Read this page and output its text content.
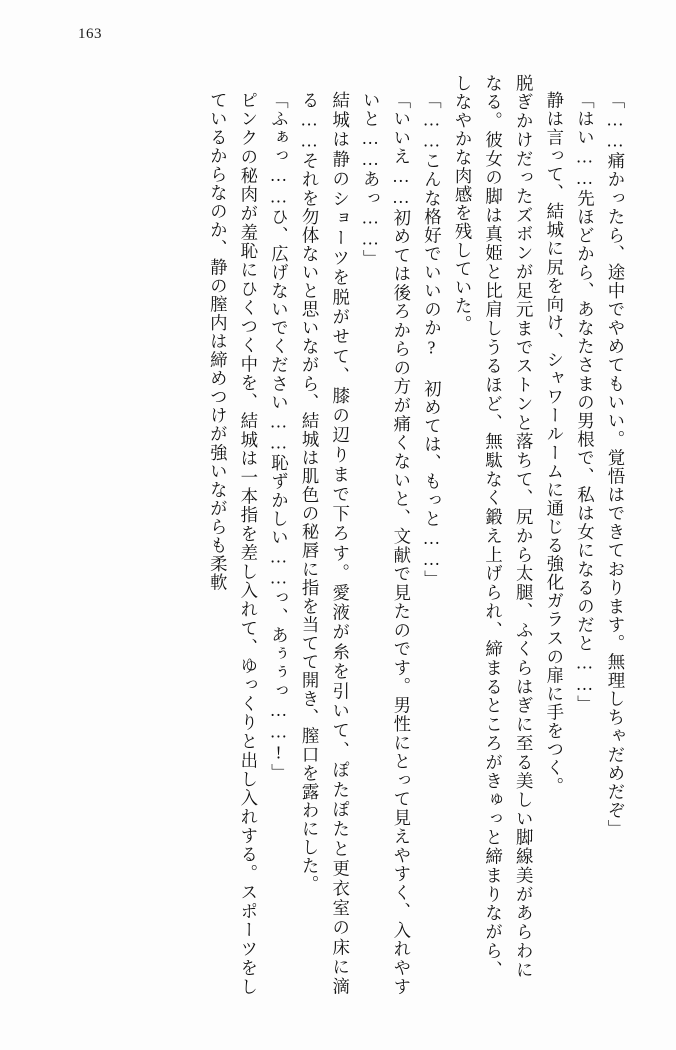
163
「……痛かったら、途中でやめてもいい。覚悟はできております。無理しちゃだめだぞ」
「はい……先ほどから、あなたさまの男根で、私は女になるのだと……」
静は言って、結城に尻を向け、シャワールームに通じる強化ガラスの扉に手をつく。
脱ぎかけだったズボンが足元までストンと落ちて、尻から太腿、ふくらはぎに至る美しい脚線美があらわになる。彼女の脚は真姫と比肩しうるほど、無駄なく鍛え上げられ、締まるところがきゅっと締まりながら、しなやかな肉感を残していた。
「……こんな格好でいいのか? 初めては、もっと……」
「いいえ……初めては後ろからの方が痛くないと、文献で見たのです。男性にとって見えやすく、入れやすいと……あっ……」
結城は静のショーツを脱がせて、膝の辺りまで下ろす。愛液が糸を引いて、ぽたぽたと更衣室の床に滴る……それを勿体ないと思いながら、結城は肌色の秘唇に指を当てて開き、膣口を露わにした。
「ふぁっ……ひ、広げないでください……恥ずかしい……っ、あぅぅっ……!」
ピンクの秘肉が羞恥にひくつく中を、結城は一本指を差し入れて、ゆっくりと出し入れする。スポーツをしているからなのか、静の膣内は締めつけが強いながらも柔軟
